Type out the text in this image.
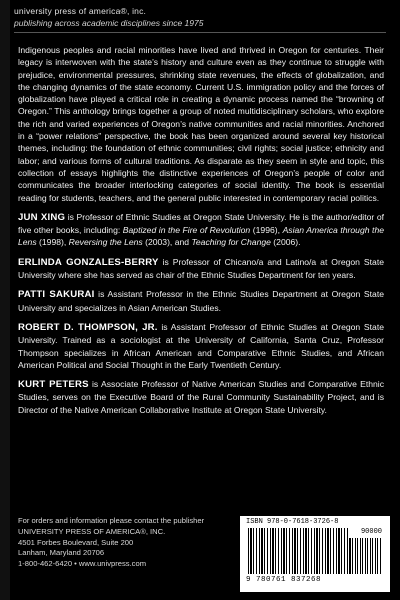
university press of america®, inc.
publishing across academic disciplines since 1975

Indigenous peoples and racial minorities have lived and thrived in Oregon for centuries. Their legacy is interwoven with the state’s history and culture even as they continue to struggle with prejudice, environmental pressures, shrinking state revenues, the effects of globalization, and the changing dynamics of the state economy. Current U.S. immigration policy and the forces of globalization have played a critical role in creating a dynamic process named the “browning of Oregon.” This anthology brings together a group of noted multidisciplinary scholars, who explore the rich and varied experiences of Oregon’s native communities and racial minorities. Anchored in a “power relations” perspective, the book has been organized around several key historical themes, including: the foundation of ethnic communities; civil rights; social justice; ethnicity and labor; and various forms of cultural traditions. As disparate as they seem in style and topic, this collection of essays highlights the distinctive experiences of Oregon’s people of color and communicates the broader interlocking categories of social identity. The book is essential reading for students, teachers, and the general public interested in contemporary racial politics.

JUN XING is Professor of Ethnic Studies at Oregon State University. He is the author/editor of five other books, including: Baptized in the Fire of Revolution (1996), Asian America through the Lens (1998), Reversing the Lens (2003), and Teaching for Change (2006).

ERLINDA GONZALES-BERRY is Professor of Chicano/a and Latino/a at Oregon State University where she has served as chair of the Ethnic Studies Department for ten years.

PATTI SAKURAI is Assistant Professor in the Ethnic Studies Department at Oregon State University and specializes in Asian American Studies.

ROBERT D. THOMPSON, JR. is Assistant Professor of Ethnic Studies at Oregon State University. Trained as a sociologist at the University of California, Santa Cruz, Professor Thompson specializes in African American and Comparative Ethnic Studies, and African American Political and Social Thought in the Early Twentieth Century.

KURT PETERS is Associate Professor of Native American Studies and Comparative Ethnic Studies, serves on the Executive Board of the Rural Community Sustainability Project, and is Director of the Native American Collaborative Institute at Oregon State University.

For orders and information please contact the publisher
UNIVERSITY PRESS OF AMERICA®, INC.
4501 Forbes Boulevard, Suite 200
Lanham, Maryland 20706
1-800-462-6420 • www.univpress.com
ISBN 978-0-7618-3726-8
90000
9 780761 837268
